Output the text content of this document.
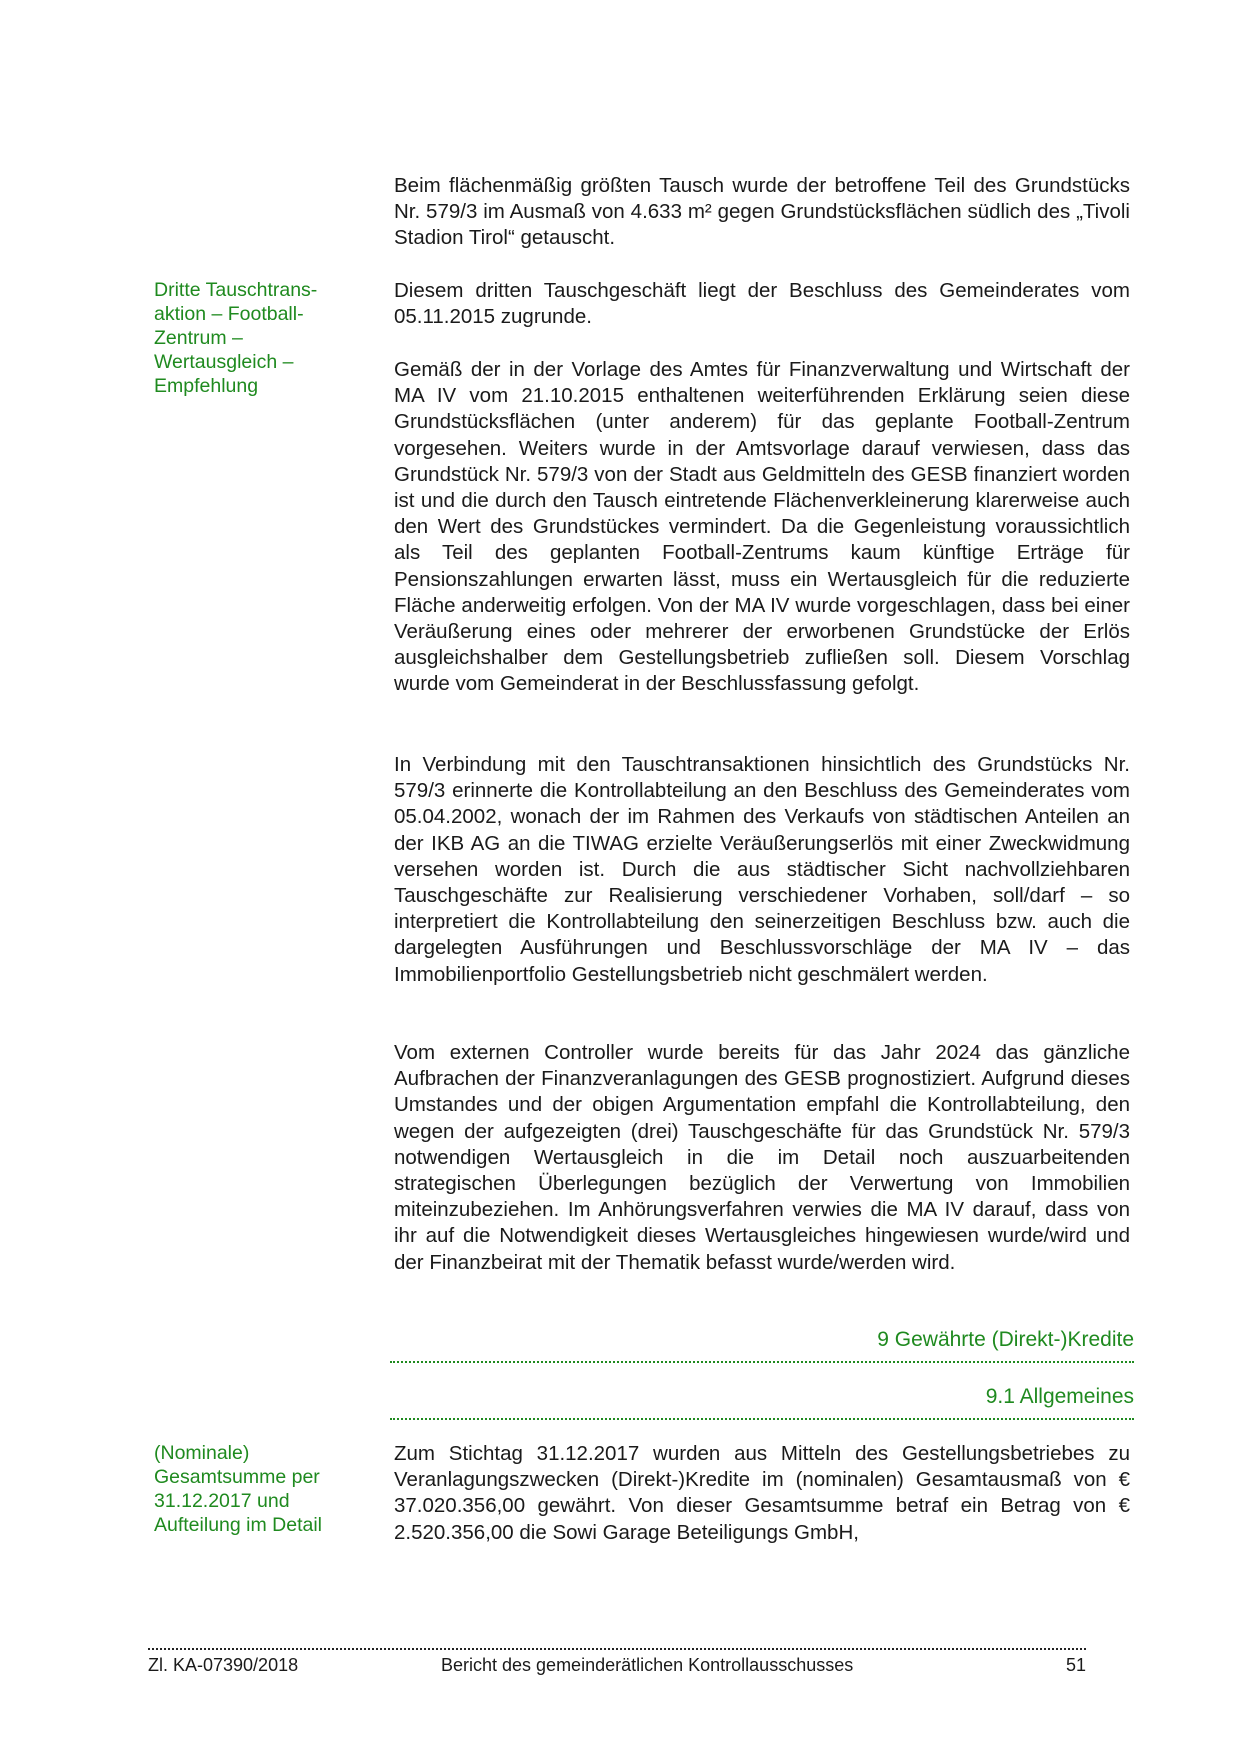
Beim flächenmäßig größten Tausch wurde der betroffene Teil des Grundstücks Nr. 579/3 im Ausmaß von 4.633 m² gegen Grundstücksflächen südlich des „Tivoli Stadion Tirol“ getauscht.

Dritte Tauschtransaktion – Football-Zentrum – Wertausgleich – Empfehlung

Diesem dritten Tauschgeschäft liegt der Beschluss des Gemeinderates vom 05.11.2015 zugrunde.

Gemäß der in der Vorlage des Amtes für Finanzverwaltung und Wirtschaft der MA IV vom 21.10.2015 enthaltenen weiterführenden Erklärung seien diese Grundstücksflächen (unter anderem) für das geplante Football-Zentrum vorgesehen. Weiters wurde in der Amtsvorlage darauf verwiesen, dass das Grundstück Nr. 579/3 von der Stadt aus Geldmitteln des GESB finanziert worden ist und die durch den Tausch eintretende Flächenverkleinerung klarerweise auch den Wert des Grundstückes vermindert. Da die Gegenleistung voraussichtlich als Teil des geplanten Football-Zentrums kaum künftige Erträge für Pensionszahlungen erwarten lässt, muss ein Wertausgleich für die reduzierte Fläche anderweitig erfolgen. Von der MA IV wurde vorgeschlagen, dass bei einer Veräußerung eines oder mehrerer der erworbenen Grundstücke der Erlös ausgleichshalber dem Gestellungsbetrieb zufließen soll. Diesem Vorschlag wurde vom Gemeinderat in der Beschlussfassung gefolgt.

In Verbindung mit den Tauschtransaktionen hinsichtlich des Grundstücks Nr. 579/3 erinnerte die Kontrollabteilung an den Beschluss des Gemeinderates vom 05.04.2002, wonach der im Rahmen des Verkaufs von städtischen Anteilen an der IKB AG an die TIWAG erzielte Veräußerungserlös mit einer Zweckwidmung versehen worden ist. Durch die aus städtischer Sicht nachvollziehbaren Tauschgeschäfte zur Realisierung verschiedener Vorhaben, soll/darf – so interpretiert die Kontrollabteilung den seinerzeitigen Beschluss bzw. auch die dargelegten Ausführungen und Beschlussvorschläge der MA IV – das Immobilienportfolio Gestellungsbetrieb nicht geschmälert werden.

Vom externen Controller wurde bereits für das Jahr 2024 das gänzliche Aufbrachen der Finanzveranlagungen des GESB prognostiziert. Aufgrund dieses Umstandes und der obigen Argumentation empfahl die Kontrollabteilung, den wegen der aufgezeigten (drei) Tauschgeschäfte für das Grundstück Nr. 579/3 notwendigen Wertausgleich in die im Detail noch auszuarbeitenden strategischen Überlegungen bezüglich der Verwertung von Immobilien miteinzubeziehen. Im Anhörungsverfahren verwies die MA IV darauf, dass von ihr auf die Notwendigkeit dieses Wertausgleiches hingewiesen wurde/wird und der Finanzbeirat mit der Thematik befasst wurde/werden wird.

9 Gewährte (Direkt-)Kredite
9.1 Allgemeines
(Nominale) Gesamtsumme per 31.12.2017 und Aufteilung im Detail

Zum Stichtag 31.12.2017 wurden aus Mitteln des Gestellungsbetriebes zu Veranlagungszwecken (Direkt-)Kredite im (nominalen) Gesamtausmaß von € 37.020.356,00 gewährt. Von dieser Gesamtsumme betraf ein Betrag von € 2.520.356,00 die Sowi Garage Beteiligungs GmbH,

Zl. KA-07390/2018	Bericht des gemeinderätlichen Kontrollausschusses	51
